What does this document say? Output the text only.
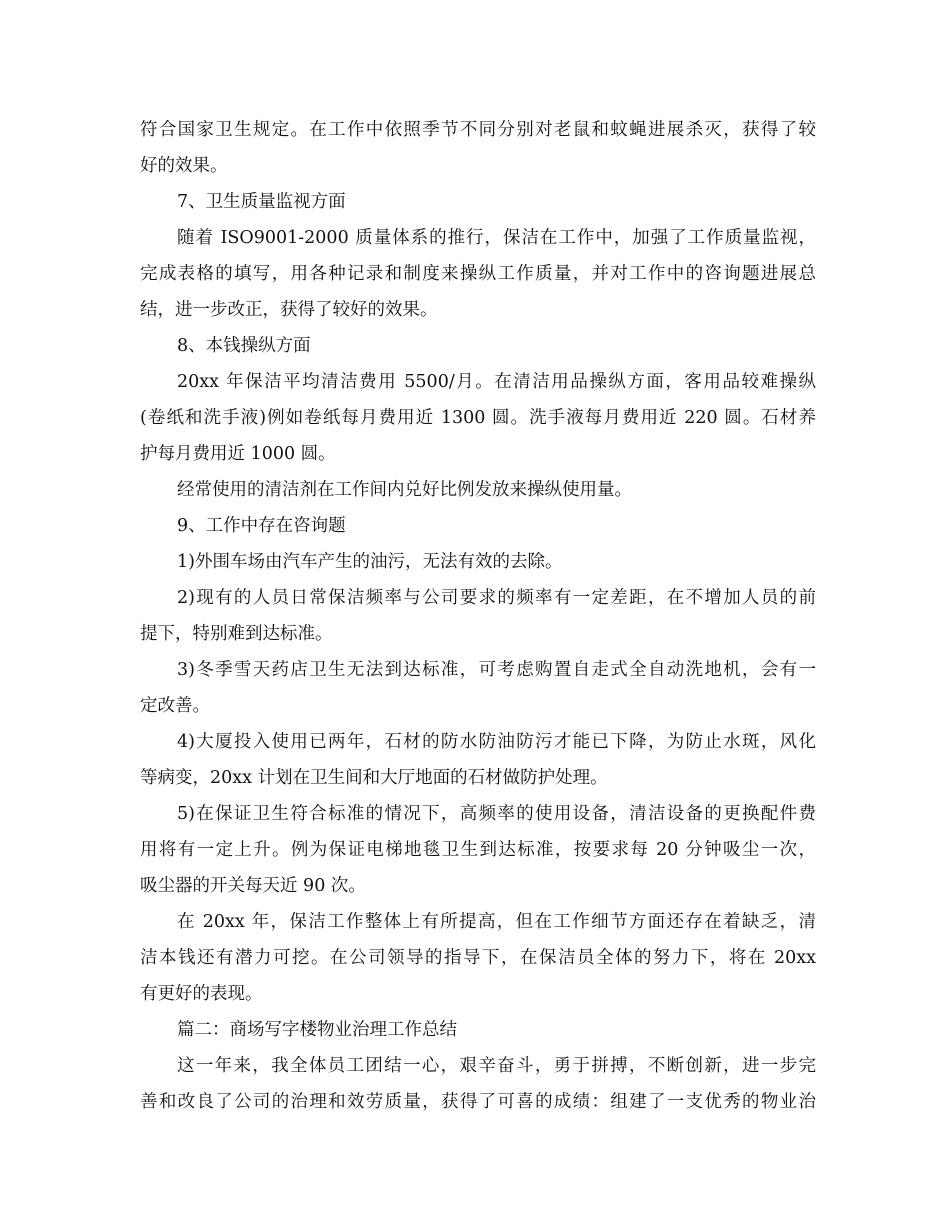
符合国家卫生规定。在工作中依照季节不同分别对老鼠和蚊蝇进展杀灭，获得了较
好的效果。
7、卫生质量监视方面
随着 ISO9001-2000 质量体系的推行，保洁在工作中，加强了工作质量监视，
完成表格的填写，用各种记录和制度来操纵工作质量，并对工作中的咨询题进展总
结，进一步改正，获得了较好的效果。
8、本钱操纵方面
20xx 年保洁平均清洁费用 5500/月。在清洁用品操纵方面，客用品较难操纵
(卷纸和洗手液)例如卷纸每月费用近 1300 圆。洗手液每月费用近 220 圆。石材养
护每月费用近 1000 圆。
经常使用的清洁剂在工作间内兑好比例发放来操纵使用量。
9、工作中存在咨询题
1)外围车场由汽车产生的油污，无法有效的去除。
2)现有的人员日常保洁频率与公司要求的频率有一定差距，在不增加人员的前
提下，特别难到达标准。
3)冬季雪天药店卫生无法到达标准，可考虑购置自走式全自动洗地机，会有一
定改善。
4)大厦投入使用已两年，石材的防水防油防污才能已下降，为防止水斑，风化
等病变，20xx 计划在卫生间和大厅地面的石材做防护处理。
5)在保证卫生符合标准的情况下，高频率的使用设备，清洁设备的更换配件费
用将有一定上升。例为保证电梯地毯卫生到达标准，按要求每 20 分钟吸尘一次，
吸尘器的开关每天近 90 次。
在 20xx 年，保洁工作整体上有所提高，但在工作细节方面还存在着缺乏，清
洁本钱还有潜力可挖。在公司领导的指导下，在保洁员全体的努力下，将在 20xx
有更好的表现。
篇二：商场写字楼物业治理工作总结
这一年来，我全体员工团结一心，艰辛奋斗，勇于拼搏，不断创新，进一步完
善和改良了公司的治理和效劳质量，获得了可喜的成绩：组建了一支优秀的物业治
